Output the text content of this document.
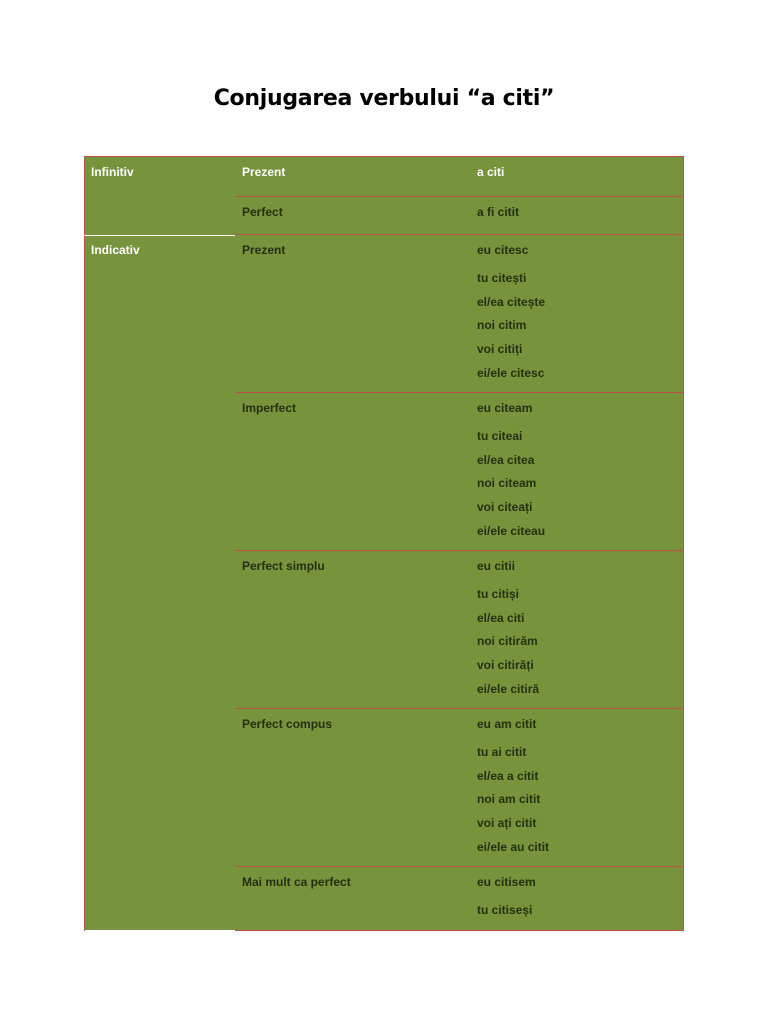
Conjugarea verbului “a citi”
Infinitiv	Prezent	a citi
Perfect	a fi citit
Indicativ	Prezent	eu citesc
tu citești
el/ea citește
noi citim
voi citiți
ei/ele citesc
Imperfect	eu citeam
tu citeai
el/ea citea
noi citeam
voi citeați
ei/ele citeau
Perfect simplu	eu citii
tu citiși
el/ea citi
noi citirăm
voi citirăți
ei/ele citiră
Perfect compus	eu am citit
tu ai citit
el/ea a citit
noi am citit
voi ați citit
ei/ele au citit
Mai mult ca perfect	eu citisem
tu citiseși
